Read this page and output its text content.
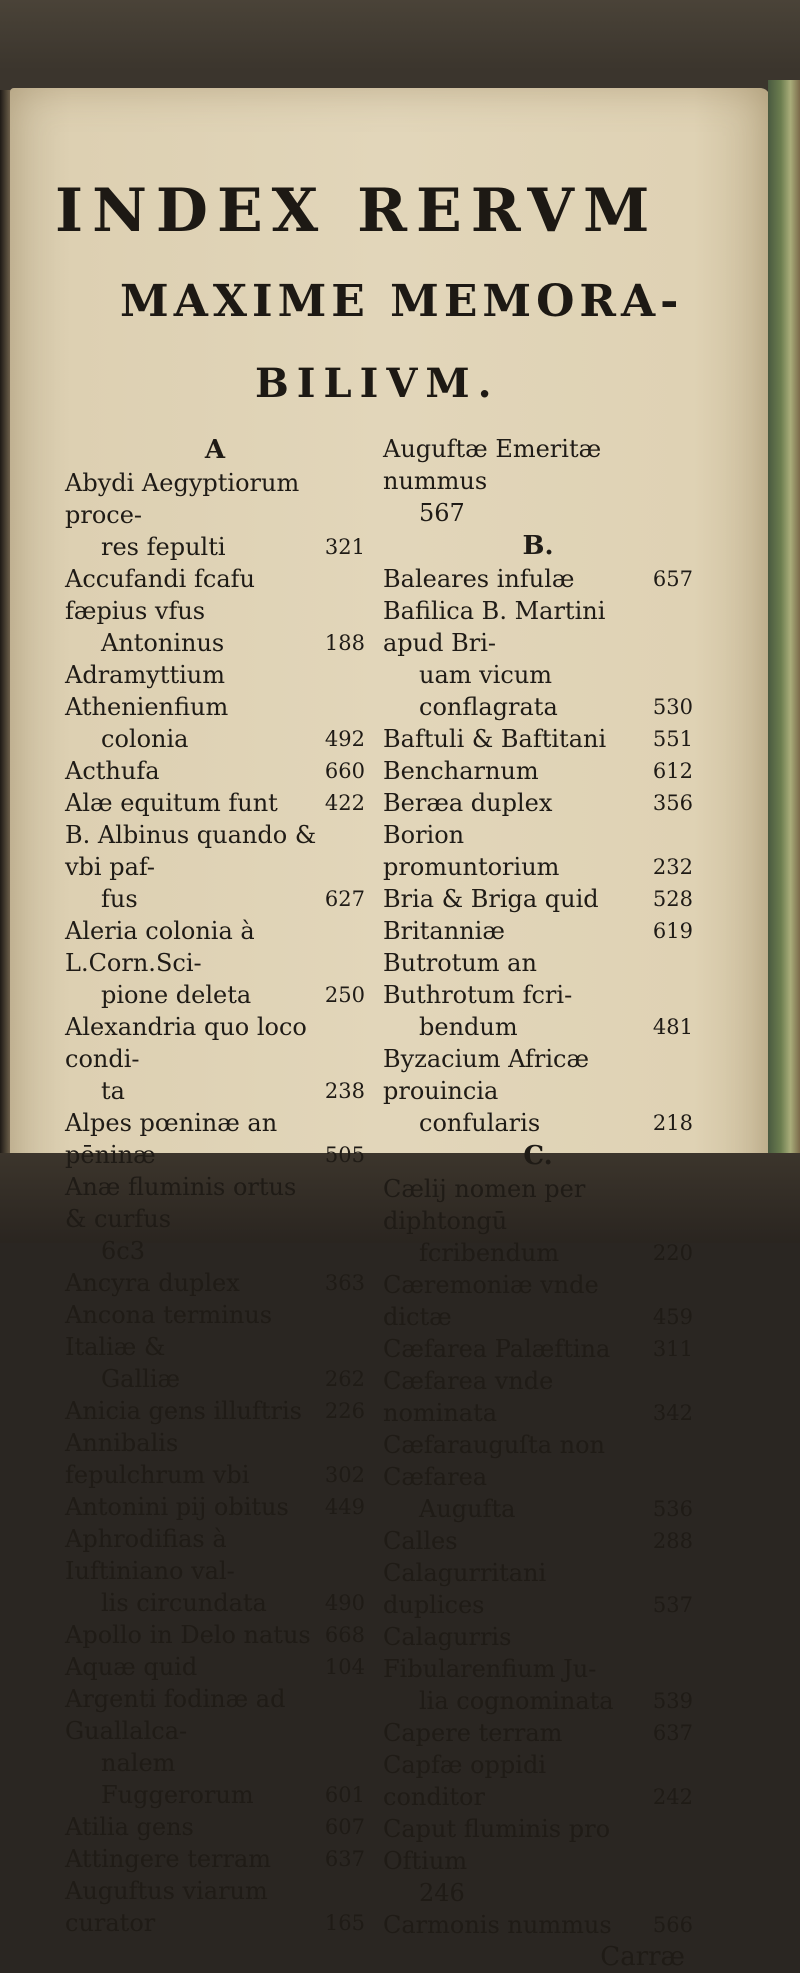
INDEX RERVM
MAXIME MEMORA-
BILIVM.
A
Abydi Aegyptiorum proce-
res fepulti	321
Accufandi fcafu fæpius vfus
Antoninus	188
Adramyttium Athenienfium
colonia	492
Acthufa	660
Alæ equitum funt	422
B. Albinus quando & vbi paf-
fus	627
Aleria colonia à L.Corn.Sci-
pione deleta	250
Alexandria quo loco condi-
ta	238
Alpes pœninæ an pēninæ	505
Anæ fluminis ortus & curfus
6c3
Ancyra duplex	363
Ancona terminus Italiæ &
Galliæ	262
Anicia gens illuftris	226
Annibalis fepulchrum vbi	302
Antonini pij obitus	449
Aphrodifias à Iuftiniano val-
lis circundata	490
Apollo in Delo natus 668
Aquæ quid	104
Argenti fodinæ ad Guallalca-
nalem Fuggerorum	601
Atilia gens	607
Attingere terram	637
Auguftus viarum curator	165
Auguftæ Emeritæ nummus
567
B.
Baleares infulæ	657
Bafilica B. Martini apud Bri-
uam vicum conflagrata	530
Baftuli & Baftitani	551
Bencharnum	612
Beræa duplex	356
Borion promuntorium	232
Bria & Briga quid	528
Britanniæ	619
Butrotum an Buthrotum fcri-
bendum	481
Byzacium Africæ prouincia
confularis	218
C.
Cælij nomen per diphtongū
fcribendum	220
Cæremoniæ vnde dictæ	459
Cæfarea Palæftina	311
Cæfarea vnde nominata	342
Cæfarauguſta non Cæfarea
Augufta	536
Calles	288
Calagurritani duplices	537
Calagurris Fibularenfium Ju-
lia cognominata	539
Capere terram	637
Capfæ oppidi conditor	242
Caput fluminis pro Oftium
246
Carmonis nummus	566
Carræ
